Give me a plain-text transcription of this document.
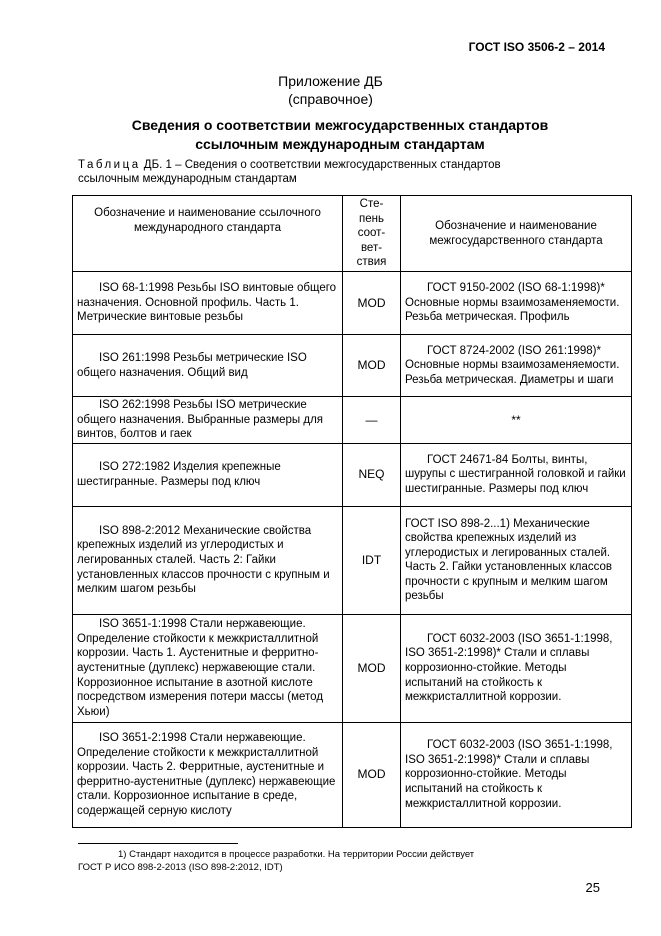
ГОСТ ISO 3506-2 – 2014
Приложение ДБ
(справочное)
Сведения о соответствии межгосударственных стандартов
ссылочным международным стандартам
Таблица ДБ. 1 – Сведения о соответствии межгосударственных стандартов
ссылочным международным стандартам
Обозначение и наименование ссылочного международного стандарта	Сте-пень соот-вет-ствия	Обозначение и наименование межгосударственного стандарта

ISO 68-1:1998 Резьбы ISO винтовые общего назначения. Основной профиль. Часть 1. Метрические винтовые резьбы	MOD	ГОСТ 9150-2002 (ISO 68-1:1998)* Основные нормы взаимозаменяемости. Резьба метрическая. Профиль

ISO 261:1998 Резьбы метрические ISO общего назначения. Общий вид	MOD	ГОСТ 8724-2002 (ISO 261:1998)* Основные нормы взаимозаменяемости. Резьба метрическая. Диаметры и шаги

ISO 262:1998 Резьбы ISO метрические общего назначения. Выбранные размеры для винтов, болтов и гаек	—	**

ISO 272:1982 Изделия крепежные шестигранные. Размеры под ключ	NEQ	ГОСТ 24671-84 Болты, винты, шурупы с шестигранной головкой и гайки шестигранные. Размеры под ключ

ISO 898-2:2012 Механические свойства крепежных изделий из углеродистых и легированных сталей. Часть 2: Гайки установленных классов прочности с крупным и мелким шагом резьбы	IDT	ГОСТ ISO 898-2...1) Механические свойства крепежных изделий из углеродистых и легированных сталей. Часть 2. Гайки установленных классов прочности с крупным и мелким шагом резьбы

ISO 3651-1:1998 Стали нержавеющие. Определение стойкости к межкристаллитной коррозии. Часть 1. Аустенитные и ферритно-аустенитные (дуплекс) нержавеющие стали. Коррозионное испытание в азотной кислоте посредством измерения потери массы (метод Хьюи)	MOD	ГОСТ 6032-2003 (ISO 3651-1:1998, ISO 3651-2:1998)* Стали и сплавы коррозионно-стойкие. Методы испытаний на стойкость к межкристаллитной коррозии.

ISO 3651-2:1998 Стали нержавеющие. Определение стойкости к межкристаллитной коррозии. Часть 2. Ферритные, аустенитные и ферритно-аустенитные (дуплекс) нержавеющие стали. Коррозионное испытание в среде, содержащей серную кислоту	MOD	ГОСТ 6032-2003 (ISO 3651-1:1998, ISO 3651-2:1998)* Стали и сплавы коррозионно-стойкие. Методы испытаний на стойкость к межкристаллитной коррозии.
1) Стандарт находится в процессе разработки. На территории России действует
ГОСТ Р ИСО 898-2-2013 (ISO 898-2:2012, IDT)
25
